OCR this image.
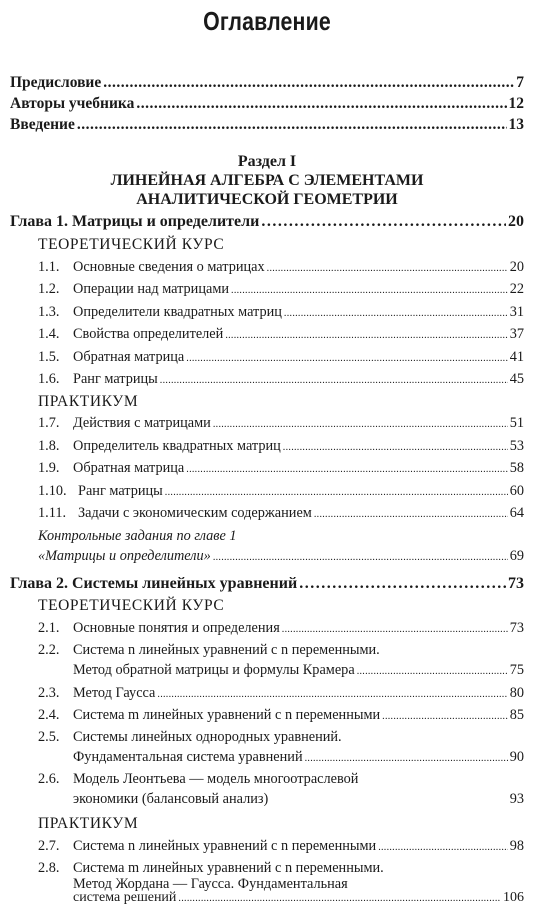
Оглавление
Предисловие .....	7
Авторы учебника .....	12
Введение .....	13
Раздел I
ЛИНЕЙНАЯ АЛГЕБРА С ЭЛЕМЕНТАМИ
АНАЛИТИЧЕСКОЙ ГЕОМЕТРИИ
Глава 1. Матрицы и определители .....	20
ТЕОРЕТИЧЕСКИЙ КУРС
1.1. Основные сведения о матрицах .....	20
1.2. Операции над матрицами .....	22
1.3. Определители квадратных матриц .....	31
1.4. Свойства определителей .....	37
1.5. Обратная матрица .....	41
1.6. Ранг матрицы .....	45
ПРАКТИКУМ
1.7. Действия с матрицами .....	51
1.8. Определитель квадратных матриц .....	53
1.9. Обратная матрица .....	58
1.10. Ранг матрицы .....	60
1.11. Задачи с экономическим содержанием .....	64
Контрольные задания по главе 1
«Матрицы и определители» .....	69
Глава 2. Системы линейных уравнений .....	73
ТЕОРЕТИЧЕСКИЙ КУРС
2.1. Основные понятия и определения .....	73
2.2. Система n линейных уравнений с n переменными.
Метод обратной матрицы и формулы Крамера .....	75
2.3. Метод Гаусса .....	80
2.4. Система m линейных уравнений с n переменными .....	85
2.5. Системы линейных однородных уравнений.
Фундаментальная система уравнений .....	90
2.6. Модель Леонтьева — модель многоотраслевой
экономики (балансовый анализ)	93
ПРАКТИКУМ
2.7. Система n линейных уравнений с n переменными .....	98
2.8. Система m линейных уравнений с n переменными.
Метод Жордана — Гаусса. Фундаментальная
система решений .....	106
